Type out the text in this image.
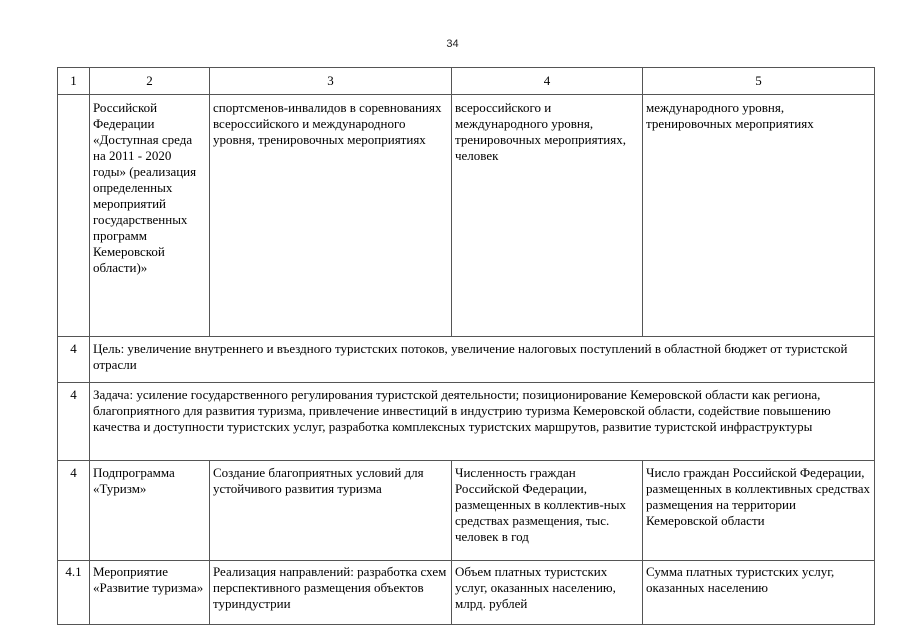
34
1	2	3	4	5
	Российской Федерации «Доступная среда на 2011 - 2020 годы» (реализация определенных мероприятий государственных программ Кемеровской области)»	спортсменов-инвалидов в соревнованиях всероссийского и международного уровня, тренировочных мероприятиях	всероссийского и международного уровня, тренировочных мероприятиях, человек	международного уровня, тренировочных мероприятиях
4	Цель: увеличение внутреннего и въездного туристских потоков, увеличение налоговых поступлений в областной бюджет от туристской отрасли			
4	Задача: усиление государственного регулирования туристской деятельности; позиционирование Кемеровской области как региона, благоприятного для развития туризма, привлечение инвестиций в индустрию туризма Кемеровской области, содействие повышению качества и доступности туристских услуг, разработка комплексных туристских маршрутов, развитие туристской инфраструктуры			
4	Подпрограмма «Туризм»	Создание благоприятных условий для устойчивого развития туризма	Численность граждан Российской Федерации, размещенных в коллектив-ных средствах размещения, тыс. человек в год	Число граждан Российской Федерации, размещенных в коллективных средствах размещения на территории Кемеровской области
4.1	Мероприятие «Развитие туризма»	Реализация направлений: разработка схем перспективного размещения объектов туриндустрии	Объем платных туристских услуг, оказанных населению, млрд. рублей	Сумма платных туристских услуг, оказанных населению
